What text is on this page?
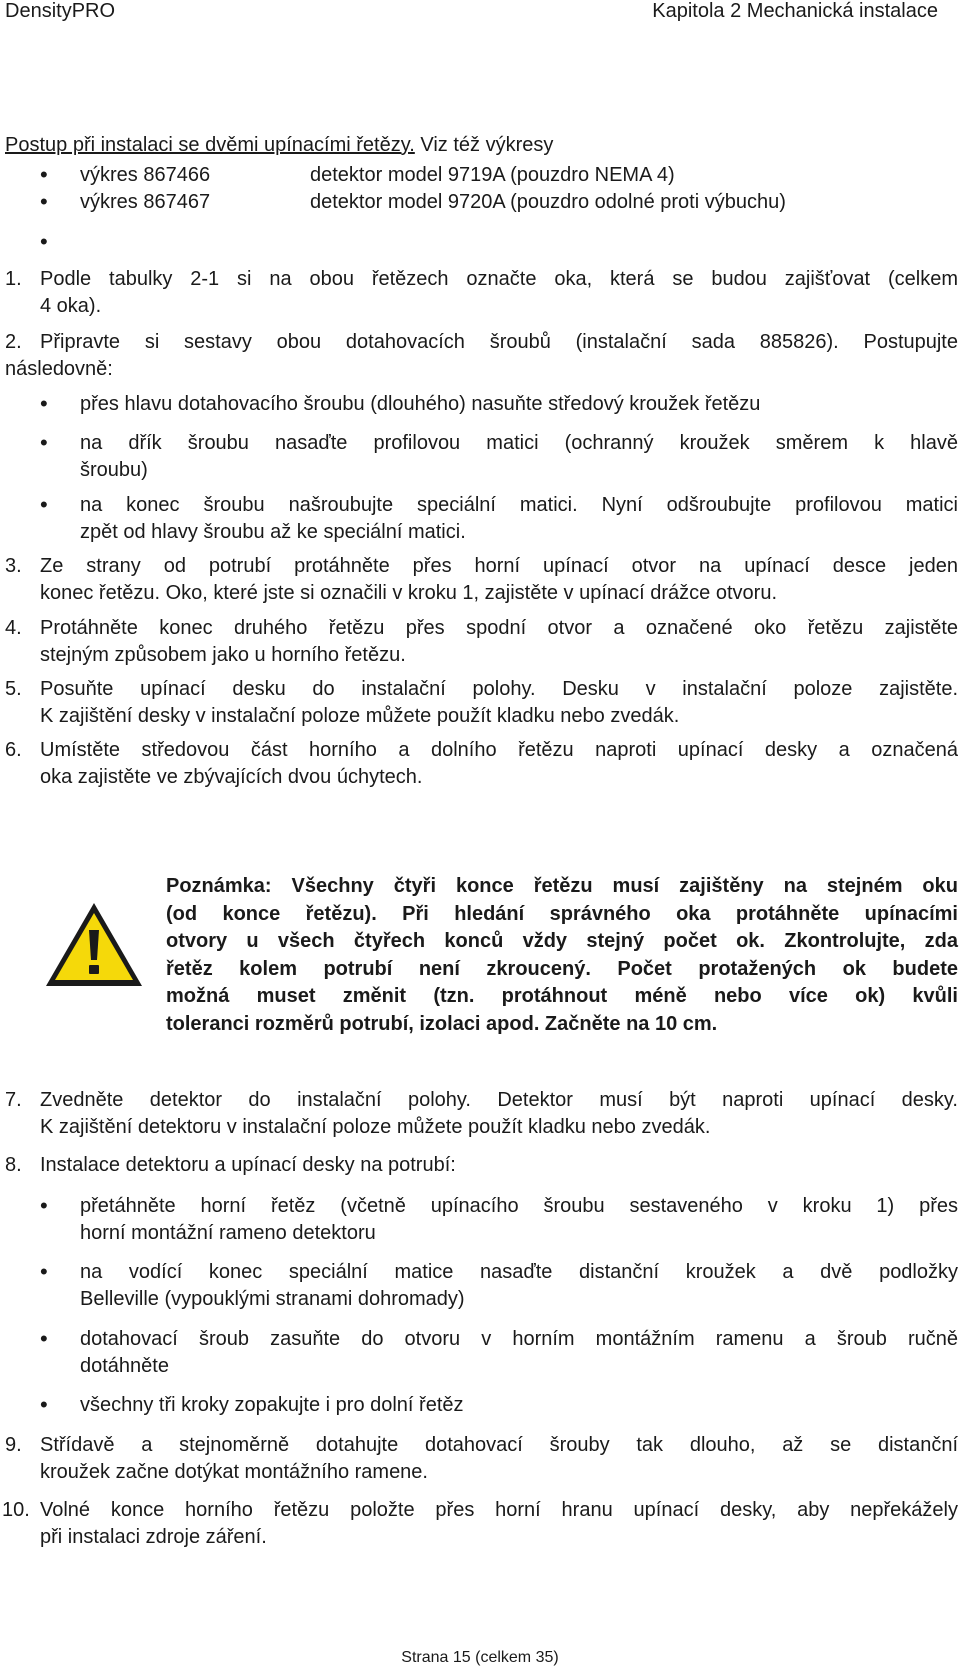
DensityPRO	Kapitola 2 Mechanická instalace
Postup při instalaci se dvěmi upínacími řetězy. Viz též výkresy
• výkres 867466	detektor model 9719A (pouzdro NEMA 4)
• výkres 867467	detektor model 9720A (pouzdro odolné proti výbuchu)
•
1. Podle tabulky 2-1 si na obou řetězech označte oka, která se budou zajišťovat (celkem
4 oka).
2. Připravte si sestavy obou dotahovacích šroubů (instalační sada 885826). Postupujte
následovně:
• přes hlavu dotahovacího šroubu (dlouhého) nasuňte středový kroužek řetězu
• na dřík šroubu nasaďte profilovou matici (ochranný kroužek směrem k hlavě
šroubu)
• na konec šroubu našroubujte speciální matici. Nyní odšroubujte profilovou matici
zpět od hlavy šroubu až ke speciální matici.
3. Ze strany od potrubí protáhněte přes horní upínací otvor na upínací desce jeden
konec řetězu. Oko, které jste si označili v kroku 1, zajistěte v upínací drážce otvoru.
4. Protáhněte konec druhého řetězu přes spodní otvor a označené oko řetězu zajistěte
stejným způsobem jako u horního řetězu.
5. Posuňte upínací desku do instalační polohy. Desku v instalační poloze zajistěte.
K zajištění desky v instalační poloze můžete použít kladku nebo zvedák.
6. Umístěte středovou část horního a dolního řetězu naproti upínací desky a označená
oka zajistěte ve zbývajících dvou úchytech.
Poznámka: Všechny čtyři konce řetězu musí zajištěny na stejném oku
(od konce řetězu). Při hledání správného oka protáhněte upínacími
otvory u všech čtyřech konců vždy stejný počet ok. Zkontrolujte, zda
řetěz kolem potrubí není zkroucený. Počet protažených ok budete
možná muset změnit (tzn. protáhnout méně nebo více ok) kvůli
toleranci rozměrů potrubí, izolaci apod. Začněte na 10 cm.
7. Zvedněte detektor do instalační polohy. Detektor musí být naproti upínací desky.
K zajištění detektoru v instalační poloze můžete použít kladku nebo zvedák.
8. Instalace detektoru a upínací desky na potrubí:
• přetáhněte horní řetěz (včetně upínacího šroubu sestaveného v kroku 1) přes
horní montážní rameno detektoru
• na vodící konec speciální matice nasaďte distanční kroužek a dvě podložky
Belleville (vypouklými stranami dohromady)
• dotahovací šroub zasuňte do otvoru v horním montážním ramenu a šroub ručně
dotáhněte
• všechny tři kroky zopakujte i pro dolní řetěz
9. Střídavě a stejnoměrně dotahujte dotahovací šrouby tak dlouho, až se distanční
kroužek začne dotýkat montážního ramene.
10. Volné konce horního řetězu položte přes horní hranu upínací desky, aby nepřekážely
při instalaci zdroje záření.
Strana 15 (celkem 35)
